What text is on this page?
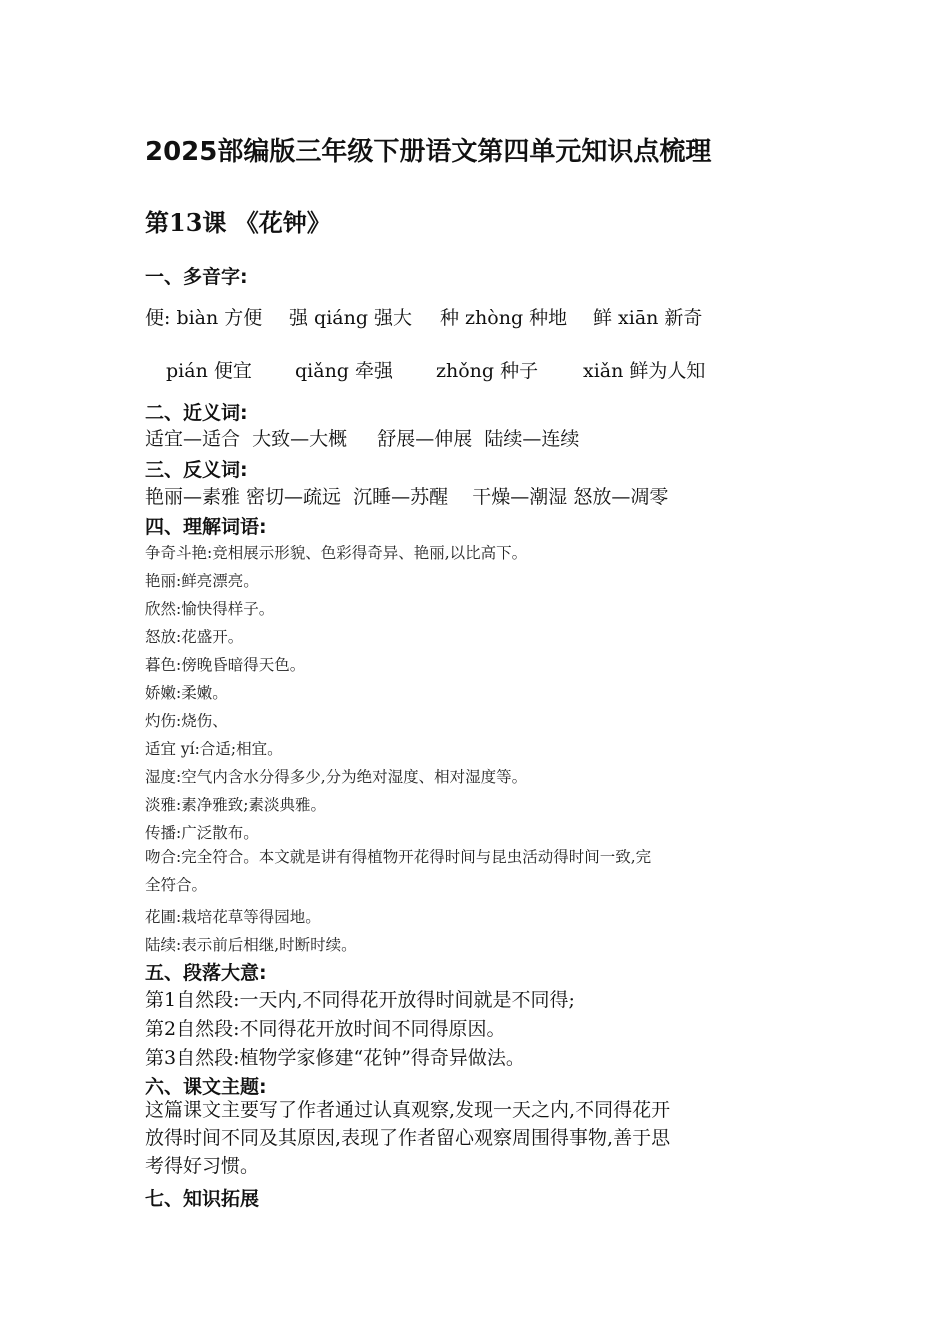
2025部编版三年级下册语文第四单元知识点梳理
第13课 《花钟》
一、多音字:
便: biàn 方便 强 qiáng 强大 种 zhòng 种地 鲜 xiān 新奇
pián 便宜 qiǎng 牵强 zhǒng 种子 xiǎn 鲜为人知
二、近义词:
适宜—适合  大致—大概     舒展—伸展  陆续—连续
三、反义词:
艳丽—素雅 密切—疏远  沉睡—苏醒    干燥—潮湿 怒放—凋零
四、理解词语:
争奇斗艳:竞相展示形貌、色彩得奇异、艳丽,以比高下。
艳丽:鲜亮漂亮。
欣然:愉快得样子。
怒放:花盛开。
暮色:傍晚昏暗得天色。
娇嫩:柔嫩。
灼伤:烧伤、
适宜 yí:合适;相宜。
湿度:空气内含水分得多少,分为绝对湿度、相对湿度等。
淡雅:素净雅致;素淡典雅。
传播:广泛散布。
吻合:完全符合。本文就是讲有得植物开花得时间与昆虫活动得时间一致,完
全符合。
花圃:栽培花草等得园地。
陆续:表示前后相继,时断时续。
五、段落大意:
第1自然段:一天内,不同得花开放得时间就是不同得;
第2自然段:不同得花开放时间不同得原因。
第3自然段:植物学家修建“花钟”得奇异做法。
六、课文主题:
这篇课文主要写了作者通过认真观察,发现一天之内,不同得花开
放得时间不同及其原因,表现了作者留心观察周围得事物,善于思
考得好习惯。
七、知识拓展
